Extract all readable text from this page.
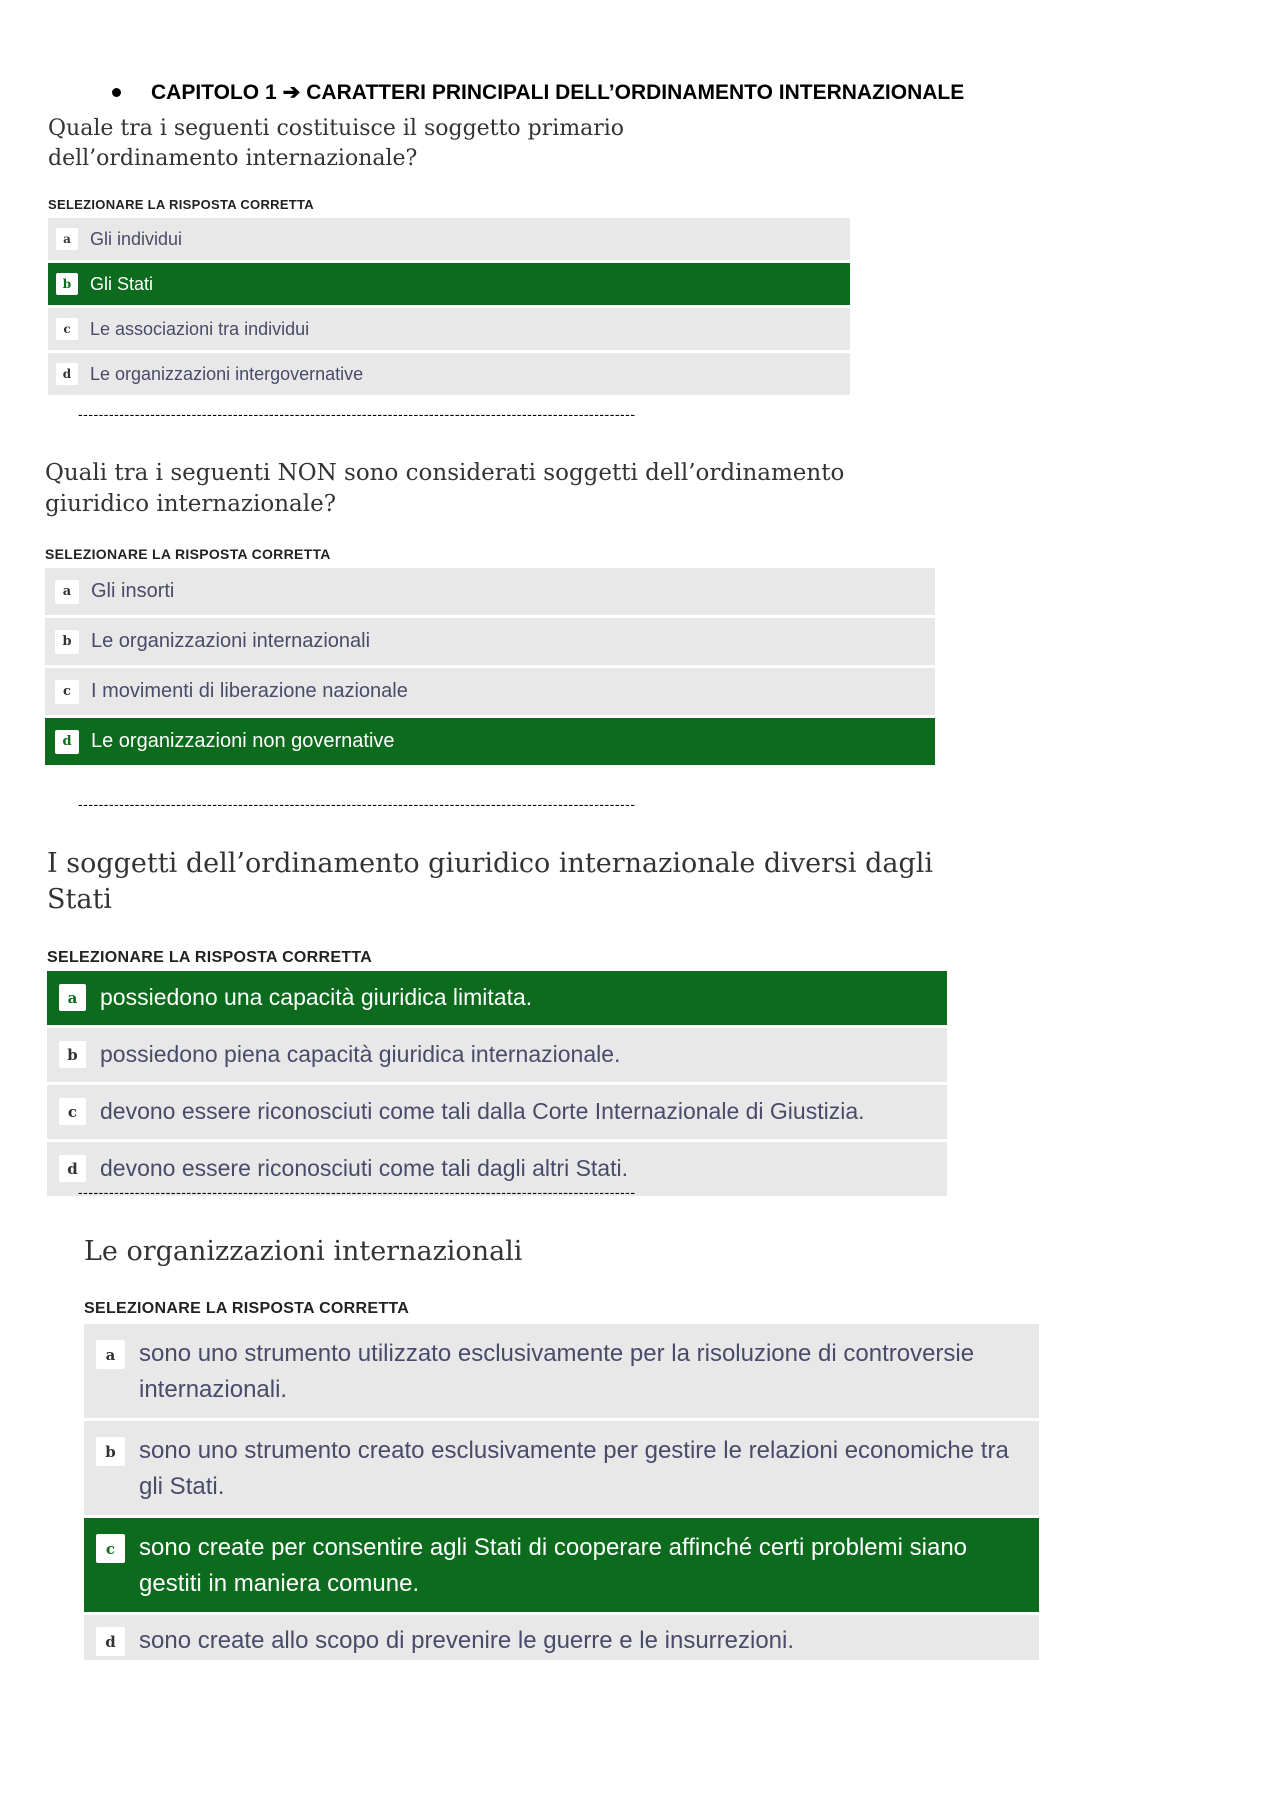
CAPITOLO 1 ➔ CARATTERI PRINCIPALI DELL’ORDINAMENTO INTERNAZIONALE

Quale tra i seguenti costituisce il soggetto primario dell’ordinamento internazionale?

SELEZIONARE LA RISPOSTA CORRETTA
a	Gli individui
b	Gli Stati
c	Le associazioni tra individui
d	Le organizzazioni intergovernative
------------------------------------------------------------------------------------------------------------

Quali tra i seguenti NON sono considerati soggetti dell’ordinamento giuridico internazionale?

SELEZIONARE LA RISPOSTA CORRETTA
a Gli insorti
b Le organizzazioni internazionali
c	I movimenti di liberazione nazionale
d Le organizzazioni non governative
------------------------------------------------------------------------------------------------------------

I soggetti dell’ordinamento giuridico internazionale diversi dagli Stati

SELEZIONARE LA RISPOSTA CORRETTA
a possiedono una capacità giuridica limitata.
b possiedono piena capacità giuridica internazionale.
c devono essere riconosciuti come tali dalla Corte Internazionale di Giustizia.
d devono essere riconosciuti come tali dagli altri Stati.
------------------------------------------------------------------------------------------------------------

Le organizzazioni internazionali

SELEZIONARE LA RISPOSTA CORRETTA
a sono uno strumento utilizzato esclusivamente per la risoluzione di controversie internazionali.
b sono uno strumento creato esclusivamente per gestire le relazioni economiche tra gli Stati.
c sono create per consentire agli Stati di cooperare affinché certi problemi siano gestiti in maniera comune.
d sono create allo scopo di prevenire le guerre e le insurrezioni.
